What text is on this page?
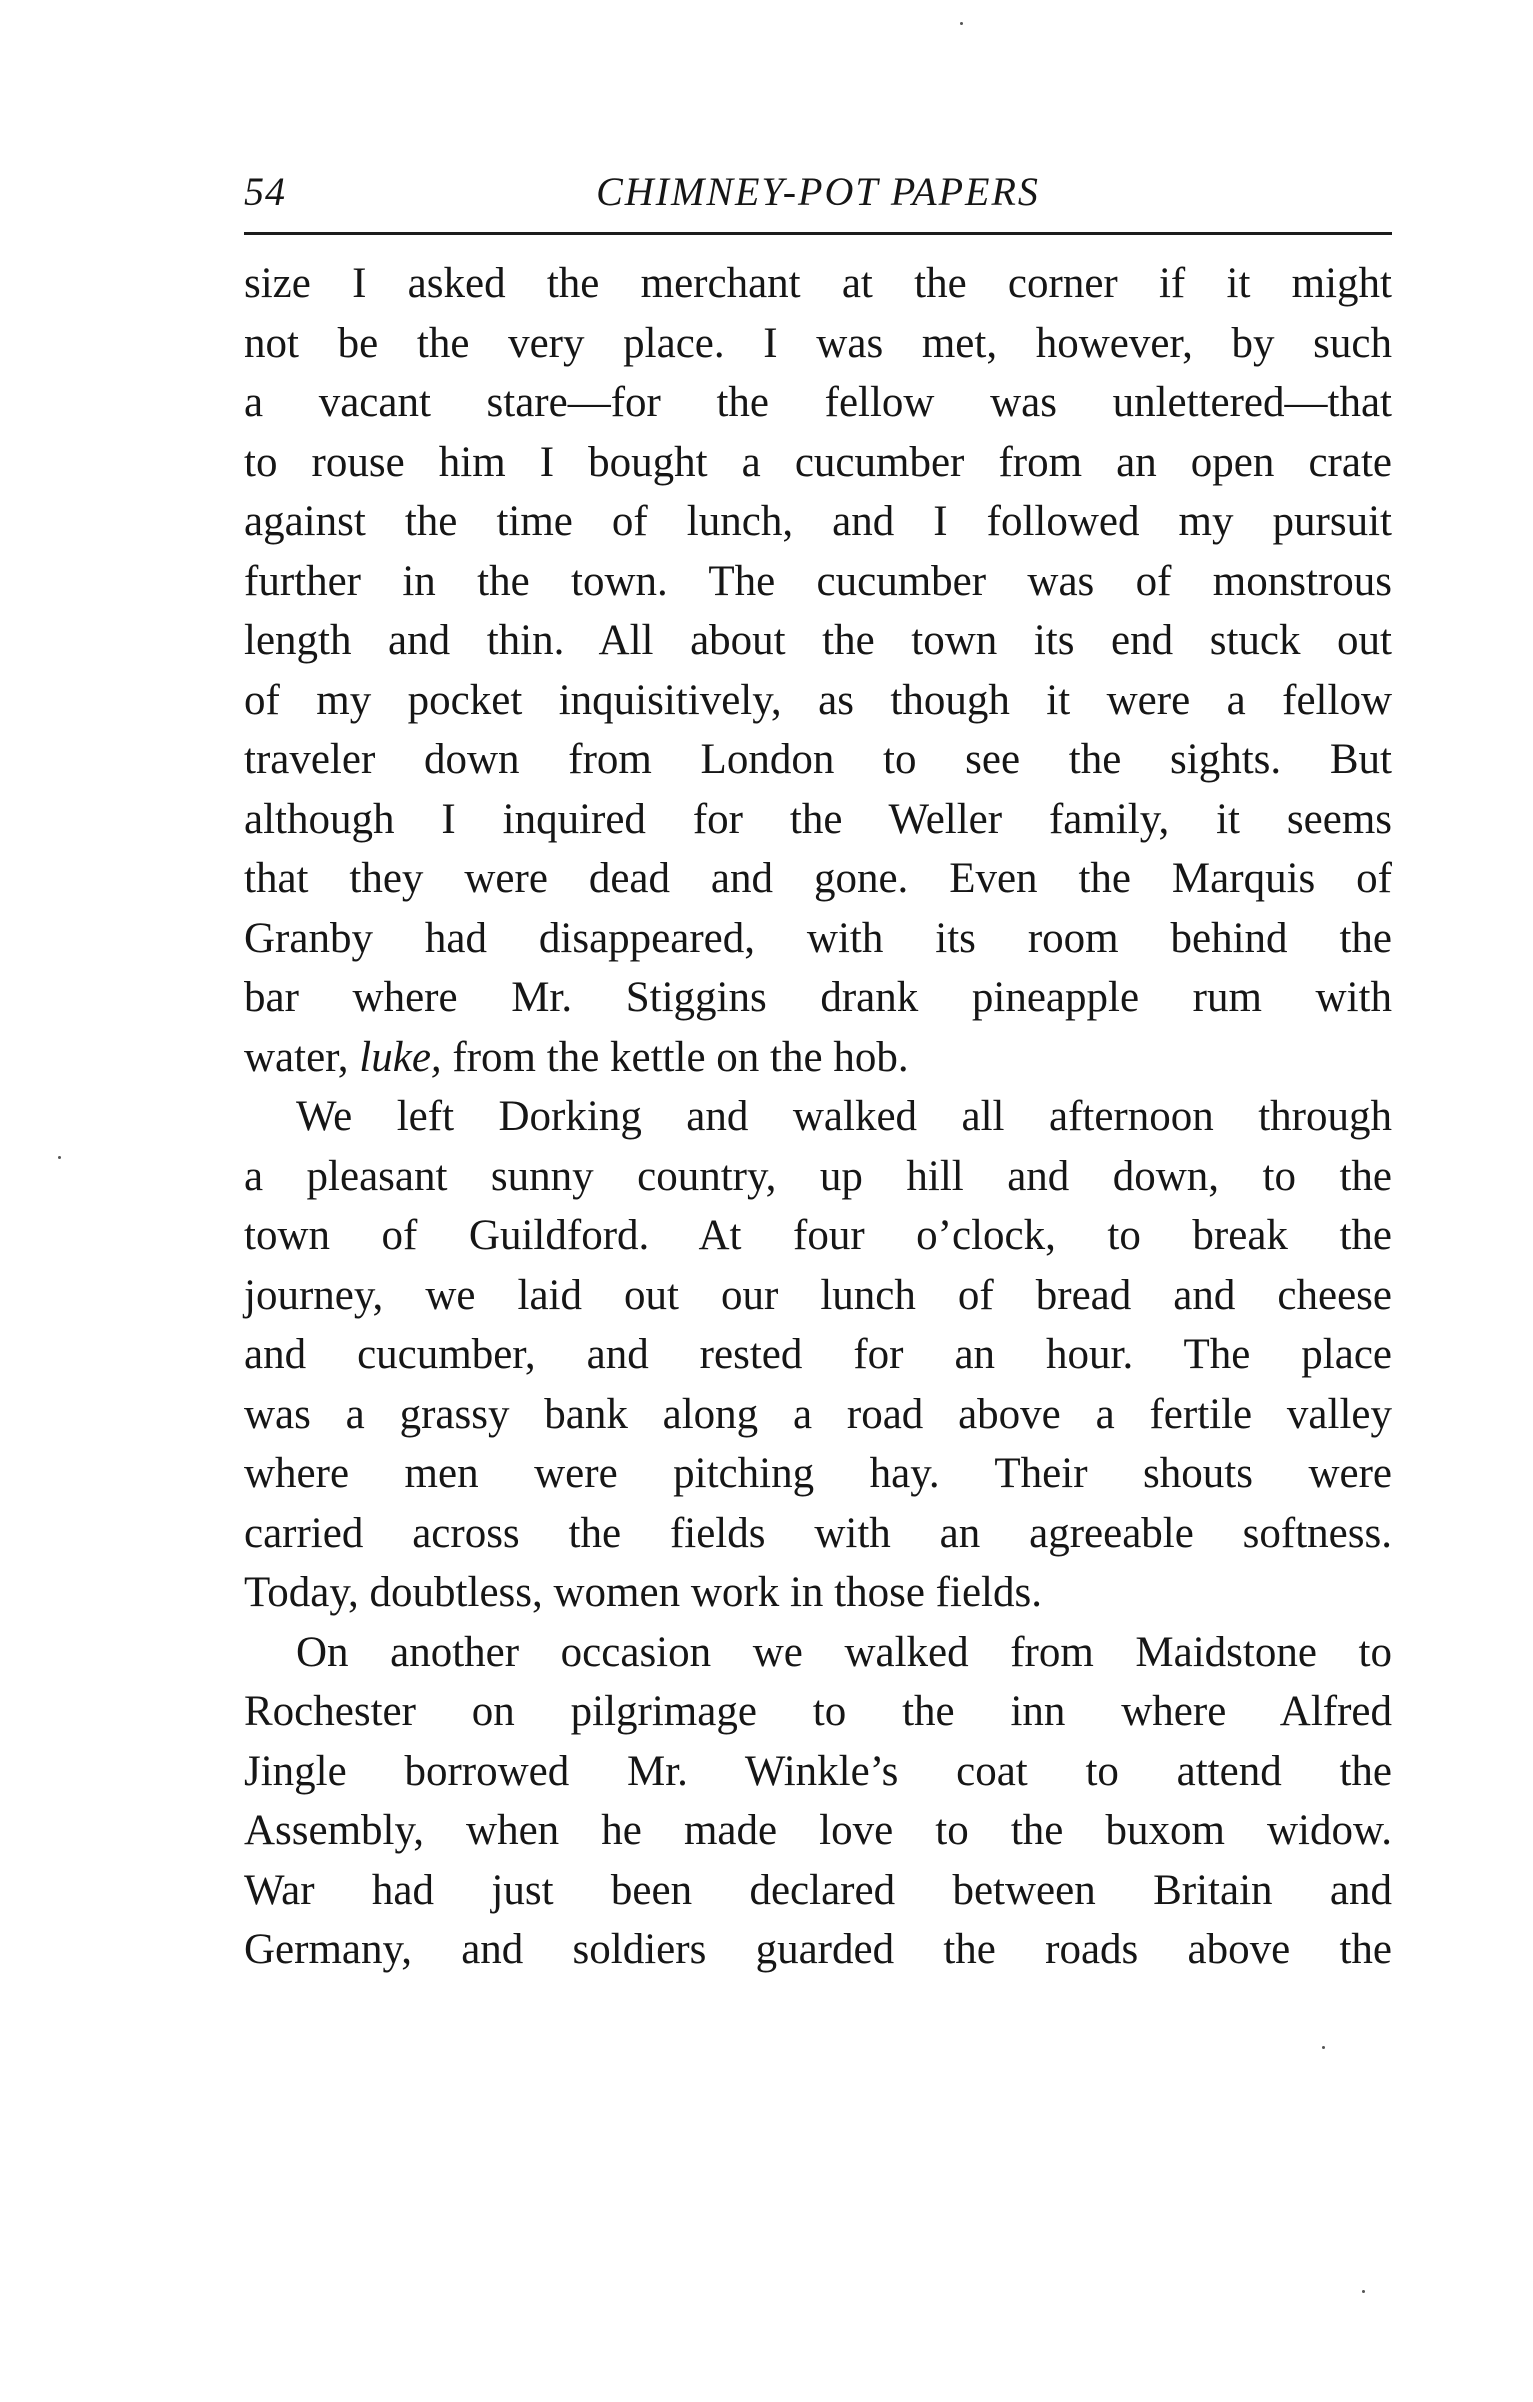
54	CHIMNEY-POT PAPERS
size I asked the merchant at the corner if it might
not be the very place. I was met, however, by such
a vacant stare—for the fellow was unlettered—that
to rouse him I bought a cucumber from an open crate
against the time of lunch, and I followed my pursuit
further in the town. The cucumber was of monstrous
length and thin. All about the town its end stuck out
of my pocket inquisitively, as though it were a fellow
traveler down from London to see the sights. But
although I inquired for the Weller family, it seems
that they were dead and gone. Even the Marquis of
Granby had disappeared, with its room behind the
bar where Mr. Stiggins drank pineapple rum with
water, luke, from the kettle on the hob.
We left Dorking and walked all afternoon through
a pleasant sunny country, up hill and down, to the
town of Guildford. At four o’clock, to break the
journey, we laid out our lunch of bread and cheese
and cucumber, and rested for an hour. The place
was a grassy bank along a road above a fertile valley
where men were pitching hay. Their shouts were
carried across the fields with an agreeable softness.
Today, doubtless, women work in those fields.
On another occasion we walked from Maidstone to
Rochester on pilgrimage to the inn where Alfred
Jingle borrowed Mr. Winkle’s coat to attend the
Assembly, when he made love to the buxom widow.
War had just been declared between Britain and
Germany, and soldiers guarded the roads above the
